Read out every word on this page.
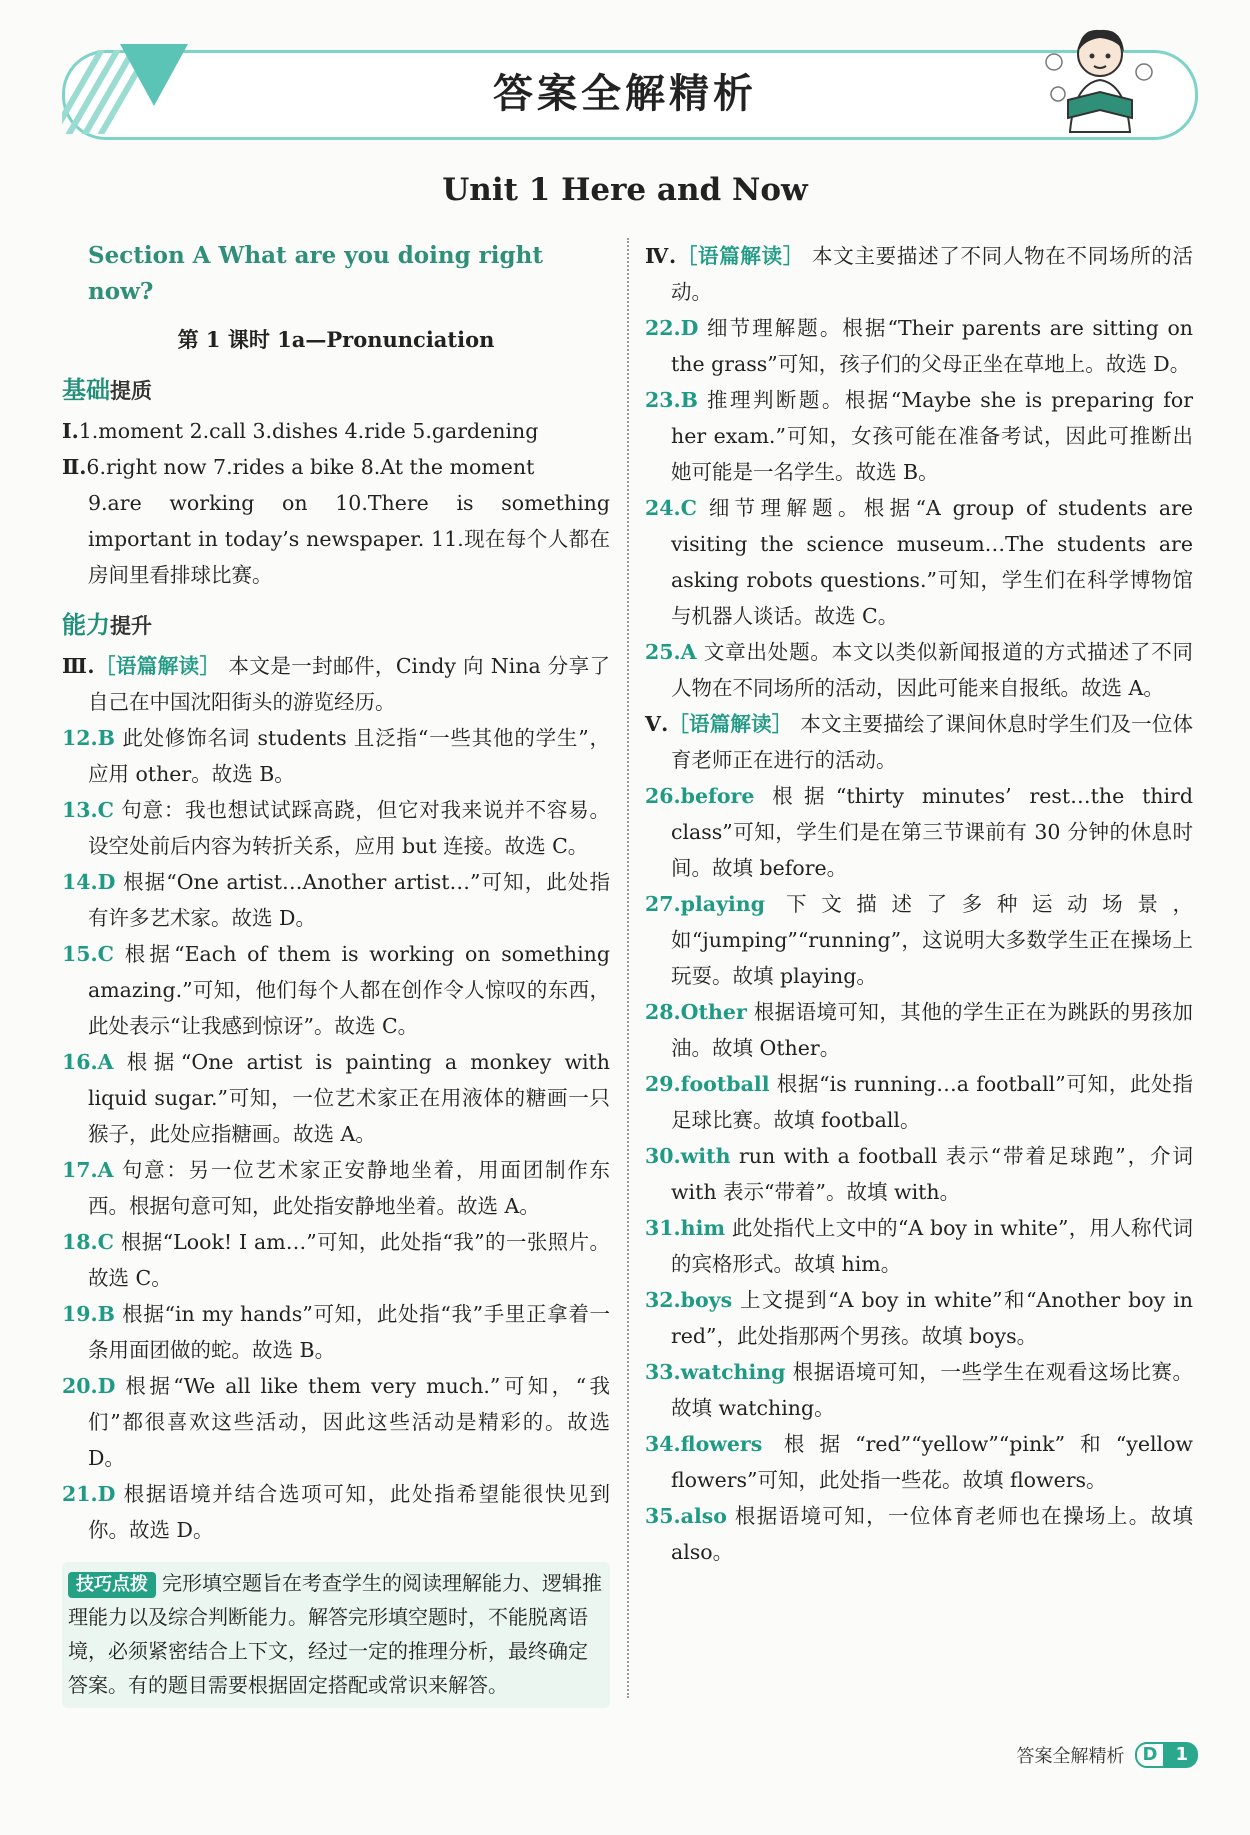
答案全解精析
Unit 1 Here and Now
Section A What are you doing right now?
第 1 课时 1a—Pronunciation
基础提质

Ⅰ.1.moment 2.call 3.dishes 4.ride 5.gardening

Ⅱ.6.right now 7.rides a bike 8.At the moment

9.are working on 10.There is something important in today’s newspaper. 11.现在每个人都在房间里看排球比赛。

能力提升

Ⅲ.［语篇解读］ 本文是一封邮件，Cindy 向 Nina 分享了自己在中国沈阳街头的游览经历。

12.B 此处修饰名词 students 且泛指“一些其他的学生”，应用 other。故选 B。

13.C 句意：我也想试试踩高跷，但它对我来说并不容易。设空处前后内容为转折关系，应用 but 连接。故选 C。

14.D 根据“One artist…Another artist…”可知，此处指有许多艺术家。故选 D。

15.C 根据“Each of them is working on something amazing.”可知，他们每个人都在创作令人惊叹的东西，此处表示“让我感到惊讶”。故选 C。

16.A 根据“One artist is painting a monkey with liquid sugar.”可知，一位艺术家正在用液体的糖画一只猴子，此处应指糖画。故选 A。

17.A 句意：另一位艺术家正安静地坐着，用面团制作东西。根据句意可知，此处指安静地坐着。故选 A。

18.C 根据“Look! I am…”可知，此处指“我”的一张照片。故选 C。

19.B 根据“in my hands”可知，此处指“我”手里正拿着一条用面团做的蛇。故选 B。

20.D 根据“We all like them very much.”可知，“我们”都很喜欢这些活动，因此这些活动是精彩的。故选 D。

21.D 根据语境并结合选项可知，此处指希望能很快见到你。故选 D。

技巧点拨 完形填空题旨在考查学生的阅读理解能力、逻辑推理能力以及综合判断能力。解答完形填空题时，不能脱离语境，必须紧密结合上下文，经过一定的推理分析，最终确定答案。有的题目需要根据固定搭配或常识来解答。

Ⅳ.［语篇解读］ 本文主要描述了不同人物在不同场所的活动。

22.D 细节理解题。根据“Their parents are sitting on the grass”可知，孩子们的父母正坐在草地上。故选 D。

23.B 推理判断题。根据“Maybe she is preparing for her exam.”可知，女孩可能在准备考试，因此可推断出她可能是一名学生。故选 B。

24.C 细节理解题。根据“A group of students are visiting the science museum…The students are asking robots questions.”可知，学生们在科学博物馆与机器人谈话。故选 C。

25.A 文章出处题。本文以类似新闻报道的方式描述了不同人物在不同场所的活动，因此可能来自报纸。故选 A。

Ⅴ.［语篇解读］ 本文主要描绘了课间休息时学生们及一位体育老师正在进行的活动。

26.before 根据“thirty minutes’ rest…the third class”可知，学生们是在第三节课前有 30 分钟的休息时间。故填 before。

27.playing 下文描述了多种运动场景，如“jumping”“running”，这说明大多数学生正在操场上玩耍。故填 playing。

28.Other 根据语境可知，其他的学生正在为跳跃的男孩加油。故填 Other。

29.football 根据“is running…a football”可知，此处指足球比赛。故填 football。

30.with run with a football 表示“带着足球跑”，介词 with 表示“带着”。故填 with。

31.him 此处指代上文中的“A boy in white”，用人称代词的宾格形式。故填 him。

32.boys 上文提到“A boy in white”和“Another boy in red”，此处指那两个男孩。故填 boys。

33.watching 根据语境可知，一些学生在观看这场比赛。故填 watching。

34.flowers 根据“red”“yellow”“pink”和“yellow flowers”可知，此处指一些花。故填 flowers。

35.also 根据语境可知，一位体育老师也在操场上。故填 also。

答案全解精析	D	1
